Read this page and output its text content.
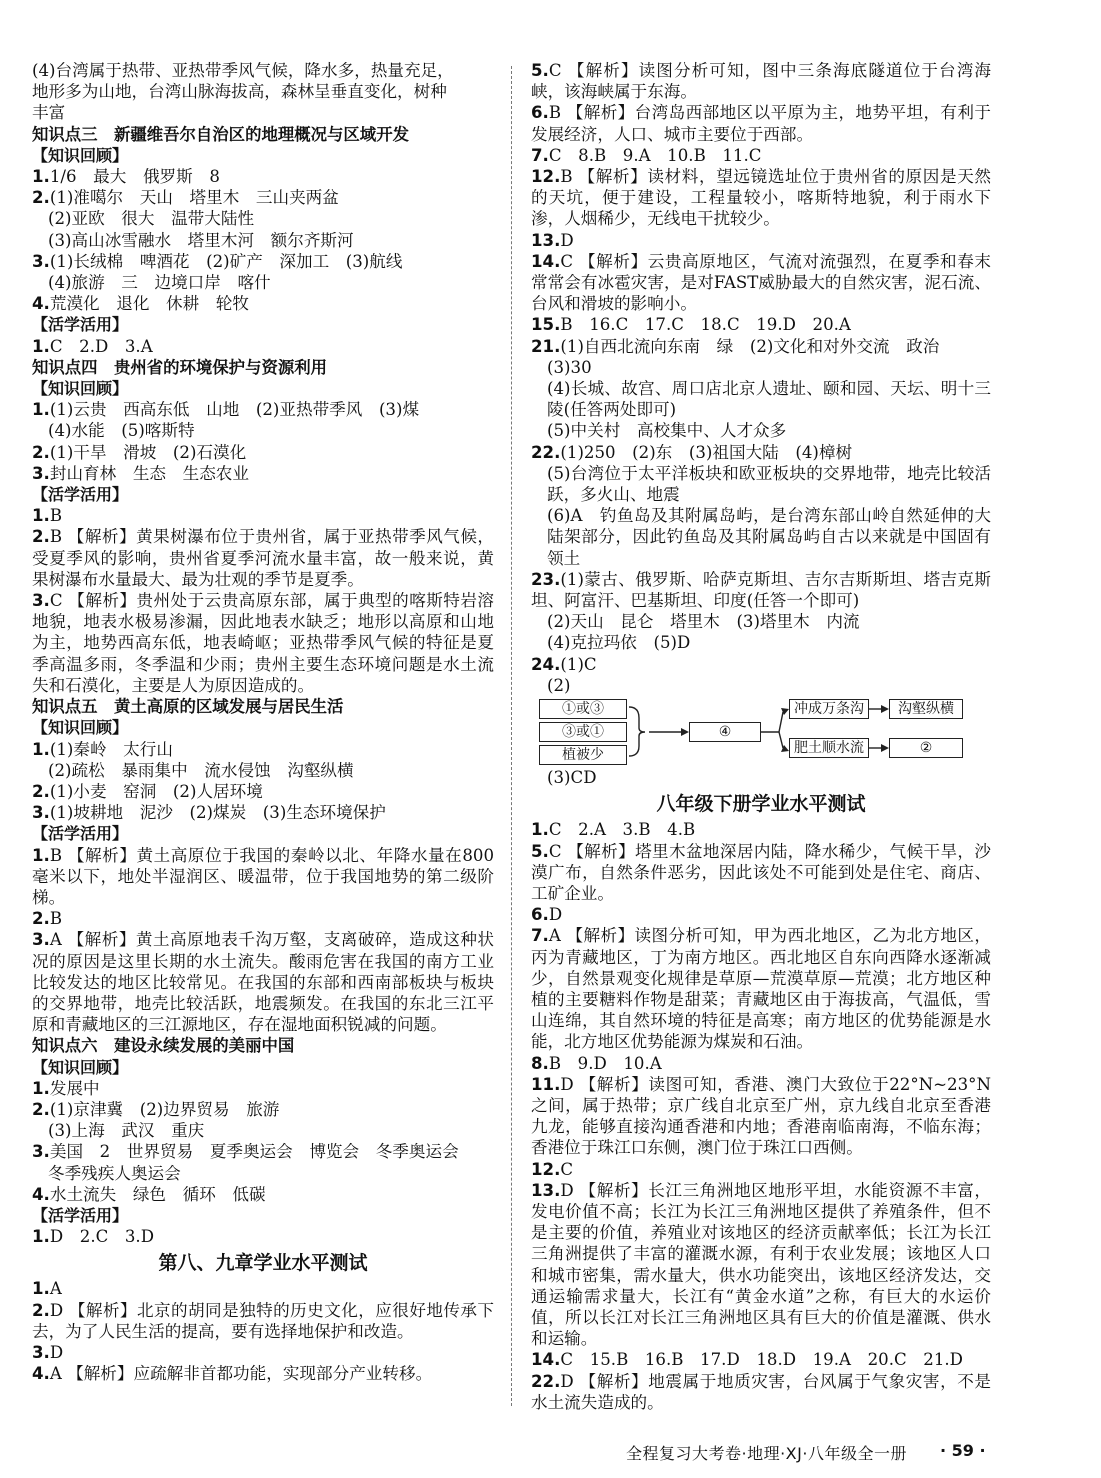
(4)台湾属于热带、亚热带季风气候，降水多，热量充足，
地形多为山地，台湾山脉海拔高，森林呈垂直变化，树种
丰富
知识点三　新疆维吾尔自治区的地理概况与区域开发
【知识回顾】
1.1/6　最大　俄罗斯　8
2.(1)准噶尔　天山　塔里木　三山夹两盆
(2)亚欧　很大　温带大陆性
(3)高山冰雪融水　塔里木河　额尔齐斯河
3.(1)长绒棉　啤酒花　(2)矿产　深加工　(3)航线
(4)旅游　三　边境口岸　喀什
4.荒漠化　退化　休耕　轮牧
【活学活用】
1.C　2.D　3.A
知识点四　贵州省的环境保护与资源利用
【知识回顾】
1.(1)云贵　西高东低　山地　(2)亚热带季风　(3)煤
(4)水能　(5)喀斯特
2.(1)干旱　滑坡　(2)石漠化
3.封山育林　生态　生态农业
【活学活用】
1.B
2.B 【解析】黄果树瀑布位于贵州省，属于亚热带季风气候，受夏季风的影响，贵州省夏季河流水量丰富，故一般来说，黄果树瀑布水量最大、最为壮观的季节是夏季。
3.C 【解析】贵州处于云贵高原东部，属于典型的喀斯特岩溶地貌，地表水极易渗漏，因此地表水缺乏；地形以高原和山地为主，地势西高东低，地表崎岖；亚热带季风气候的特征是夏季高温多雨，冬季温和少雨；贵州主要生态环境问题是水土流失和石漠化，主要是人为原因造成的。
知识点五　黄土高原的区域发展与居民生活
【知识回顾】
1.(1)秦岭　太行山
(2)疏松　暴雨集中　流水侵蚀　沟壑纵横
2.(1)小麦　窑洞　(2)人居环境
3.(1)坡耕地　泥沙　(2)煤炭　(3)生态环境保护
【活学活用】
1.B 【解析】黄土高原位于我国的秦岭以北、年降水量在800毫米以下，地处半湿润区、暖温带，位于我国地势的第二级阶梯。
2.B
3.A 【解析】黄土高原地表千沟万壑，支离破碎，造成这种状况的原因是这里长期的水土流失。酸雨危害在我国的南方工业比较发达的地区比较常见。在我国的东部和西南部板块与板块的交界地带，地壳比较活跃，地震频发。在我国的东北三江平原和青藏地区的三江源地区，存在湿地面积锐减的问题。
知识点六　建设永续发展的美丽中国
【知识回顾】
1.发展中
2.(1)京津冀　(2)边界贸易　旅游
(3)上海　武汉　重庆
3.美国　2　世界贸易　夏季奥运会　博览会　冬季奥运会
冬季残疾人奥运会
4.水土流失　绿色　循环　低碳
【活学活用】
1.D　2.C　3.D
第八、九章学业水平测试
1.A
2.D 【解析】北京的胡同是独特的历史文化，应很好地传承下去，为了人民生活的提高，要有选择地保护和改造。
3.D
4.A 【解析】应疏解非首都功能，实现部分产业转移。
5.C 【解析】读图分析可知，图中三条海底隧道位于台湾海峡，该海峡属于东海。
6.B 【解析】台湾岛西部地区以平原为主，地势平坦，有利于发展经济，人口、城市主要位于西部。
7.C　8.B　9.A　10.B　11.C
12.B 【解析】读材料，望远镜选址位于贵州省的原因是天然的天坑，便于建设，工程量较小，喀斯特地貌，利于雨水下渗，人烟稀少，无线电干扰较少。
13.D
14.C 【解析】云贵高原地区，气流对流强烈，在夏季和春末常常会有冰雹灾害，是对FAST威胁最大的自然灾害，泥石流、台风和滑坡的影响小。
15.B　16.C　17.C　18.C　19.D　20.A
21.(1)自西北流向东南　绿　(2)文化和对外交流　政治
(3)30
(4)长城、故宫、周口店北京人遗址、颐和园、天坛、明十三陵(任答两处即可)
(5)中关村　高校集中、人才众多
22.(1)250　(2)东　(3)祖国大陆　(4)樟树
(5)台湾位于太平洋板块和欧亚板块的交界地带，地壳比较活跃，多火山、地震
(6)A　钓鱼岛及其附属岛屿，是台湾东部山岭自然延伸的大陆架部分，因此钓鱼岛及其附属岛屿自古以来就是中国固有领土
23.(1)蒙古、俄罗斯、哈萨克斯坦、吉尔吉斯斯坦、塔吉克斯坦、阿富汗、巴基斯坦、印度(任答一个即可)
(2)天山　昆仑　塔里木　(3)塔里木　内流
(4)克拉玛依　(5)D
24.(1)C
(2)
①或③
③或①
植被少
④
冲成万条沟	沟壑纵横
肥土顺水流	②
(3)CD
八年级下册学业水平测试
1.C　2.A　3.B　4.B
5.C 【解析】塔里木盆地深居内陆，降水稀少，气候干旱，沙漠广布，自然条件恶劣，因此该处不可能到处是住宅、商店、工矿企业。
6.D
7.A 【解析】读图分析可知，甲为西北地区，乙为北方地区，丙为青藏地区，丁为南方地区。西北地区自东向西降水逐渐减少，自然景观变化规律是草原—荒漠草原—荒漠；北方地区种植的主要糖料作物是甜菜；青藏地区由于海拔高，气温低，雪山连绵，其自然环境的特征是高寒；南方地区的优势能源是水能，北方地区优势能源为煤炭和石油。
8.B　9.D　10.A
11.D 【解析】读图可知，香港、澳门大致位于22°N~23°N之间，属于热带；京广线自北京至广州，京九线自北京至香港九龙，能够直接沟通香港和内地；香港南临南海，不临东海；香港位于珠江口东侧，澳门位于珠江口西侧。
12.C
13.D 【解析】长江三角洲地区地形平坦，水能资源不丰富，发电价值不高；长江为长江三角洲地区提供了养殖条件，但不是主要的价值，养殖业对该地区的经济贡献率低；长江为长江三角洲提供了丰富的灌溉水源，有利于农业发展；该地区人口和城市密集，需水量大，供水功能突出，该地区经济发达，交通运输需求量大，长江有“黄金水道”之称，有巨大的水运价值，所以长江对长江三角洲地区具有巨大的价值是灌溉、供水和运输。
14.C　15.B　16.B　17.D　18.D　19.A　20.C　21.D
22.D 【解析】地震属于地质灾害，台风属于气象灾害，不是水土流失造成的。
全程复习大考卷·地理·XJ·八年级全一册 · 59 ·
